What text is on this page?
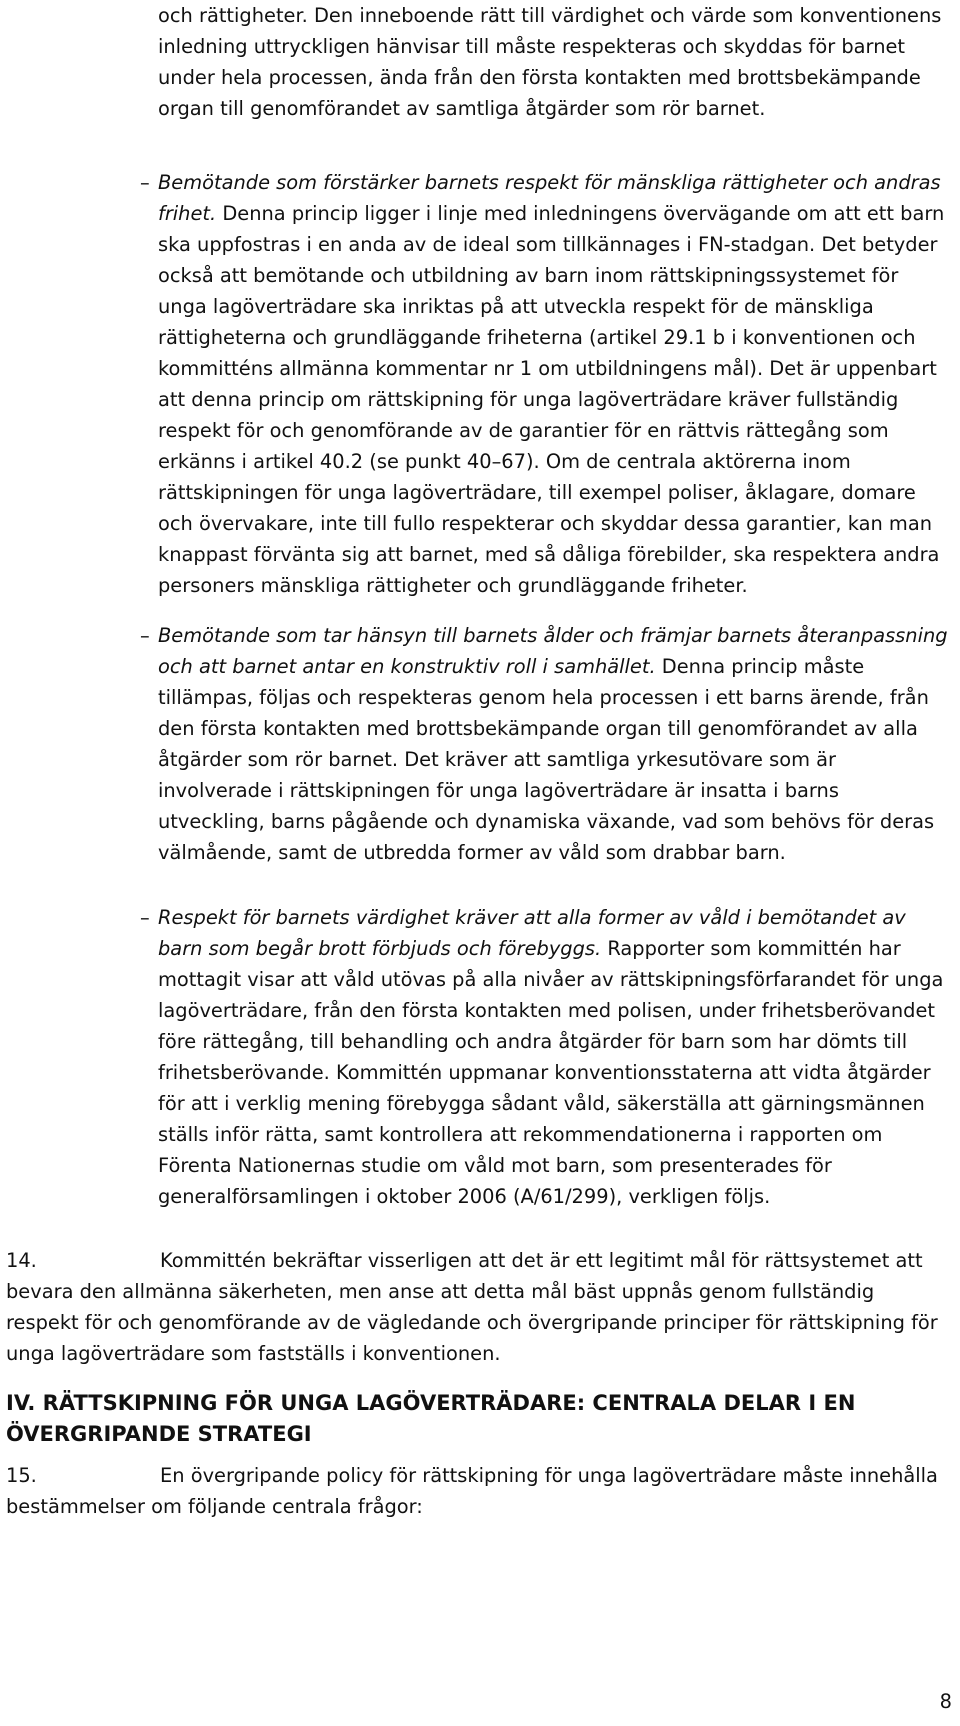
och rättigheter. Den inneboende rätt till värdighet och värde som konventionens inledning uttryckligen hänvisar till måste respekteras och skyddas för barnet under hela processen, ända från den första kontakten med brottsbekämpande organ till genomförandet av samtliga åtgärder som rör barnet.

Bemötande som förstärker barnets respekt för mänskliga rättigheter och andras frihet. Denna princip ligger i linje med inledningens övervägande om att ett barn ska uppfostras i en anda av de ideal som tillkännages i FN-stadgan. Det betyder också att bemötande och utbildning av barn inom rättskipningssystemet för unga lagöverträdare ska inriktas på att utveckla respekt för de mänskliga rättigheterna och grundläggande friheterna (artikel 29.1 b i konventionen och kommitténs allmänna kommentar nr 1 om utbildningens mål). Det är uppenbart att denna princip om rättskipning för unga lagöverträdare kräver fullständig respekt för och genomförande av de garantier för en rättvis rättegång som erkänns i artikel 40.2 (se punkt 40–67). Om de centrala aktörerna inom rättskipningen för unga lagöverträdare, till exempel poliser, åklagare, domare och övervakare, inte till fullo respekterar och skyddar dessa garantier, kan man knappast förvänta sig att barnet, med så dåliga förebilder, ska respektera andra personers mänskliga rättigheter och grundläggande friheter.

Bemötande som tar hänsyn till barnets ålder och främjar barnets återanpassning och att barnet antar en konstruktiv roll i samhället. Denna princip måste tillämpas, följas och respekteras genom hela processen i ett barns ärende, från den första kontakten med brottsbekämpande organ till genomförandet av alla åtgärder som rör barnet. Det kräver att samtliga yrkesutövare som är involverade i rättskipningen för unga lagöverträdare är insatta i barns utveckling, barns pågående och dynamiska växande, vad som behövs för deras välmående, samt de utbredda former av våld som drabbar barn.

Respekt för barnets värdighet kräver att alla former av våld i bemötandet av barn som begår brott förbjuds och förebyggs. Rapporter som kommittén har mottagit visar att våld utövas på alla nivåer av rättskipningsförfarandet för unga lagöverträdare, från den första kontakten med polisen, under frihetsberövandet före rättegång, till behandling och andra åtgärder för barn som har dömts till frihetsberövande. Kommittén uppmanar konventionsstaterna att vidta åtgärder för att i verklig mening förebygga sådant våld, säkerställa att gärningsmännen ställs inför rätta, samt kontrollera att rekommendationerna i rapporten om Förenta Nationernas studie om våld mot barn, som presenterades för generalförsamlingen i oktober 2006 (A/61/299), verkligen följs.

14.	Kommittén bekräftar visserligen att det är ett legitimt mål för rättsystemet att bevara den allmänna säkerheten, men anse att detta mål bäst uppnås genom fullständig respekt för och genomförande av de vägledande och övergripande principer för rättskipning för unga lagöverträdare som fastställs i konventionen.

IV. RÄTTSKIPNING FÖR UNGA LAGÖVERTRÄDARE: CENTRALA DELAR I EN ÖVERGRIPANDE STRATEGI

15.	En övergripande policy för rättskipning för unga lagöverträdare måste innehålla bestämmelser om följande centrala frågor:

8
–
–
–
